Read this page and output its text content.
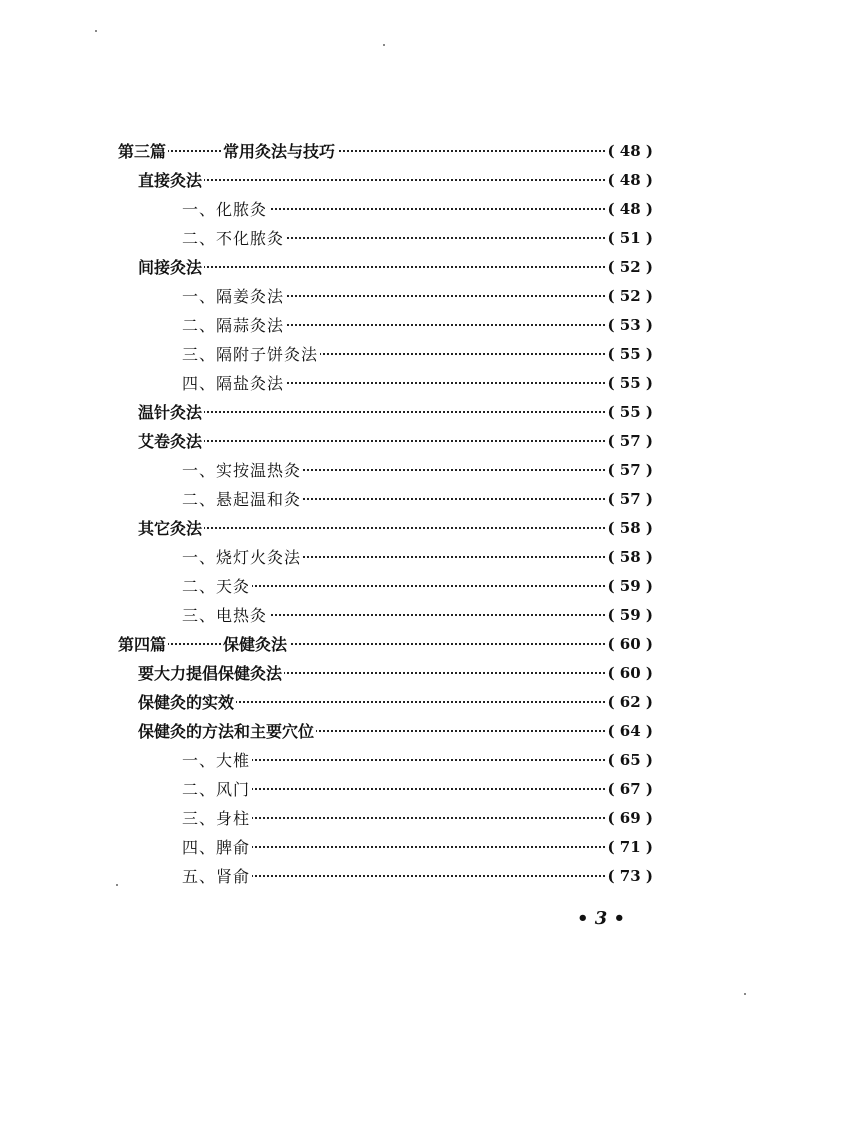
第三篇	常用灸法与技巧	( 48 )
直接灸法	( 48 )
一、化脓灸	( 48 )
二、不化脓灸	( 51 )
间接灸法	( 52 )
一、隔姜灸法	( 52 )
二、隔蒜灸法	( 53 )
三、隔附子饼灸法	( 55 )
四、隔盐灸法	( 55 )
温针灸法	( 55 )
艾卷灸法	( 57 )
一、实按温热灸	( 57 )
二、悬起温和灸	( 57 )
其它灸法	( 58 )
一、烧灯火灸法	( 58 )
二、天灸	( 59 )
三、电热灸	( 59 )
第四篇	保健灸法	( 60 )
要大力提倡保健灸法	( 60 )
保健灸的实效	( 62 )
保健灸的方法和主要穴位	( 64 )
一、大椎	( 65 )
二、风门	( 67 )
三、身柱	( 69 )
四、脾俞	( 71 )
五、肾俞	( 73 )
• 3 •
